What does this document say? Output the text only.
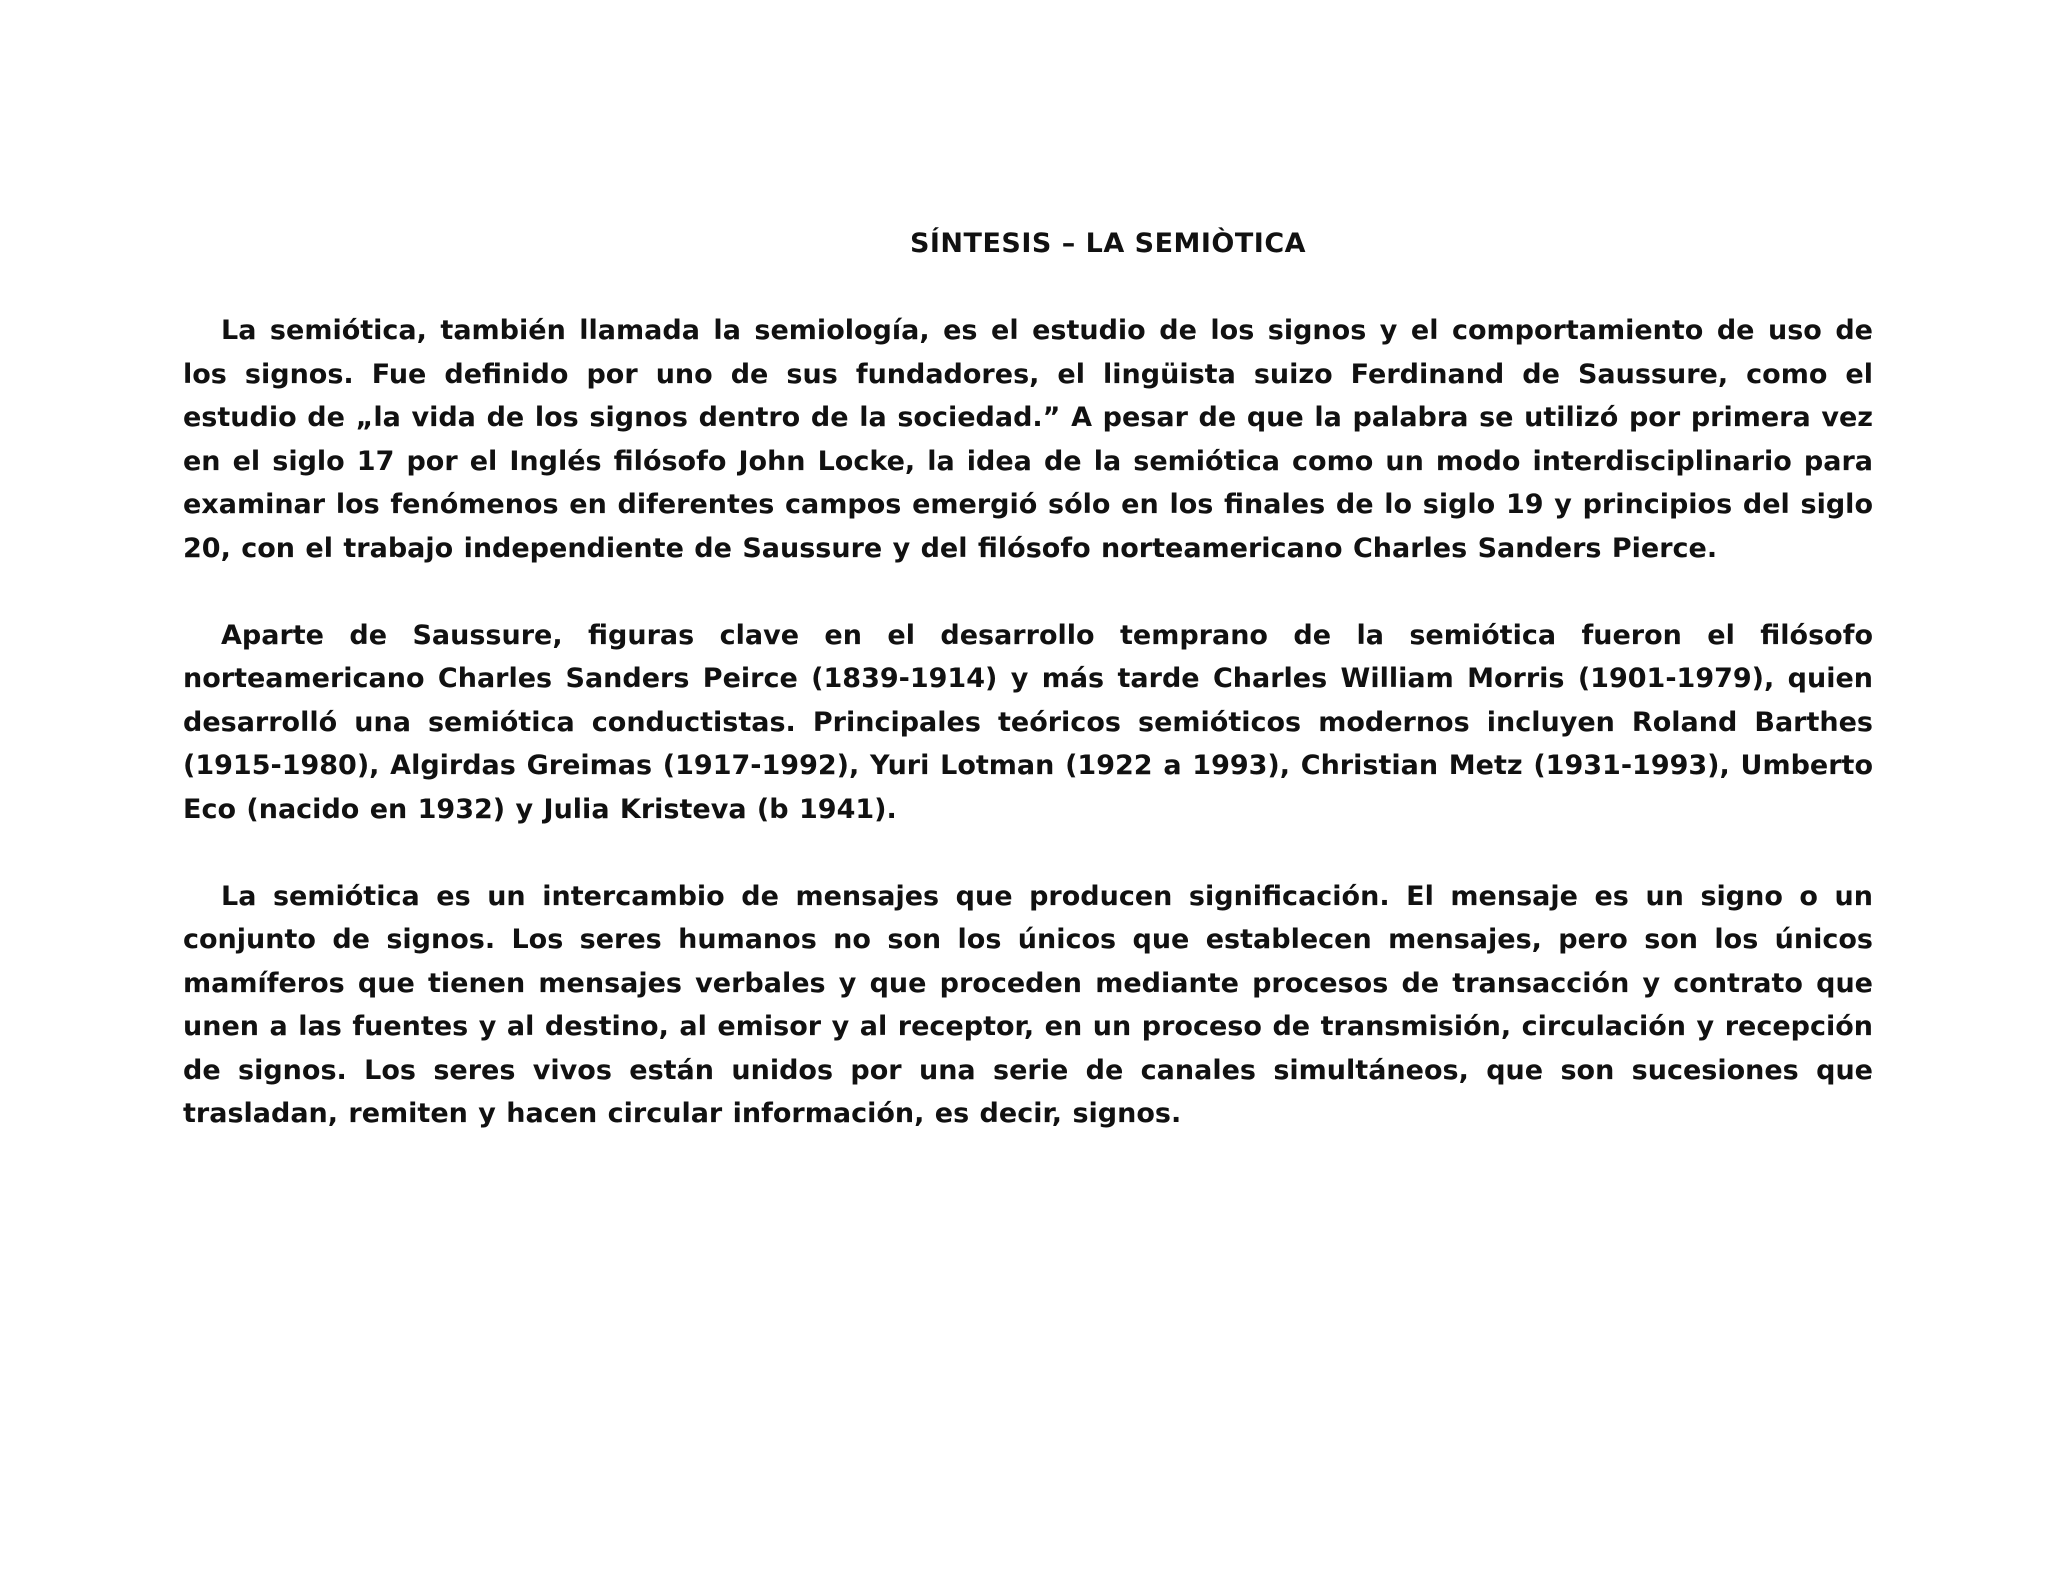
SÍNTESIS – LA SEMIÒTICA

La semiótica, también llamada la semiología, es el estudio de los signos y el comportamiento de uso de los signos. Fue definido por uno de sus fundadores, el lingüista suizo Ferdinand de Saussure, como el estudio de „la vida de los signos dentro de la sociedad.” A pesar de que la palabra se utilizó por primera vez en el siglo 17 por el Inglés filósofo John Locke, la idea de la semiótica como un modo interdisciplinario para examinar los fenómenos en diferentes campos emergió sólo en los finales de lo siglo 19 y principios del siglo 20, con el trabajo independiente de Saussure y del filósofo norteamericano Charles Sanders Pierce.

Aparte de Saussure, figuras clave en el desarrollo temprano de la semiótica fueron el filósofo norteamericano Charles Sanders Peirce (1839-1914) y más tarde Charles William Morris (1901-1979), quien desarrolló una semiótica conductistas. Principales teóricos semióticos modernos incluyen Roland Barthes (1915-1980), Algirdas Greimas (1917-1992), Yuri Lotman (1922 a 1993), Christian Metz (1931-1993), Umberto Eco (nacido en 1932) y Julia Kristeva (b 1941).

La semiótica es un intercambio de mensajes que producen significación. El mensaje es un signo o un conjunto de signos. Los seres humanos no son los únicos que establecen mensajes, pero son los únicos mamíferos que tienen mensajes verbales y que proceden mediante procesos de transacción y contrato que unen a las fuentes y al destino, al emisor y al receptor, en un proceso de transmisión, circulación y recepción de signos. Los seres vivos están unidos por una serie de canales simultáneos, que son sucesiones que trasladan, remiten y hacen circular información, es decir, signos.
